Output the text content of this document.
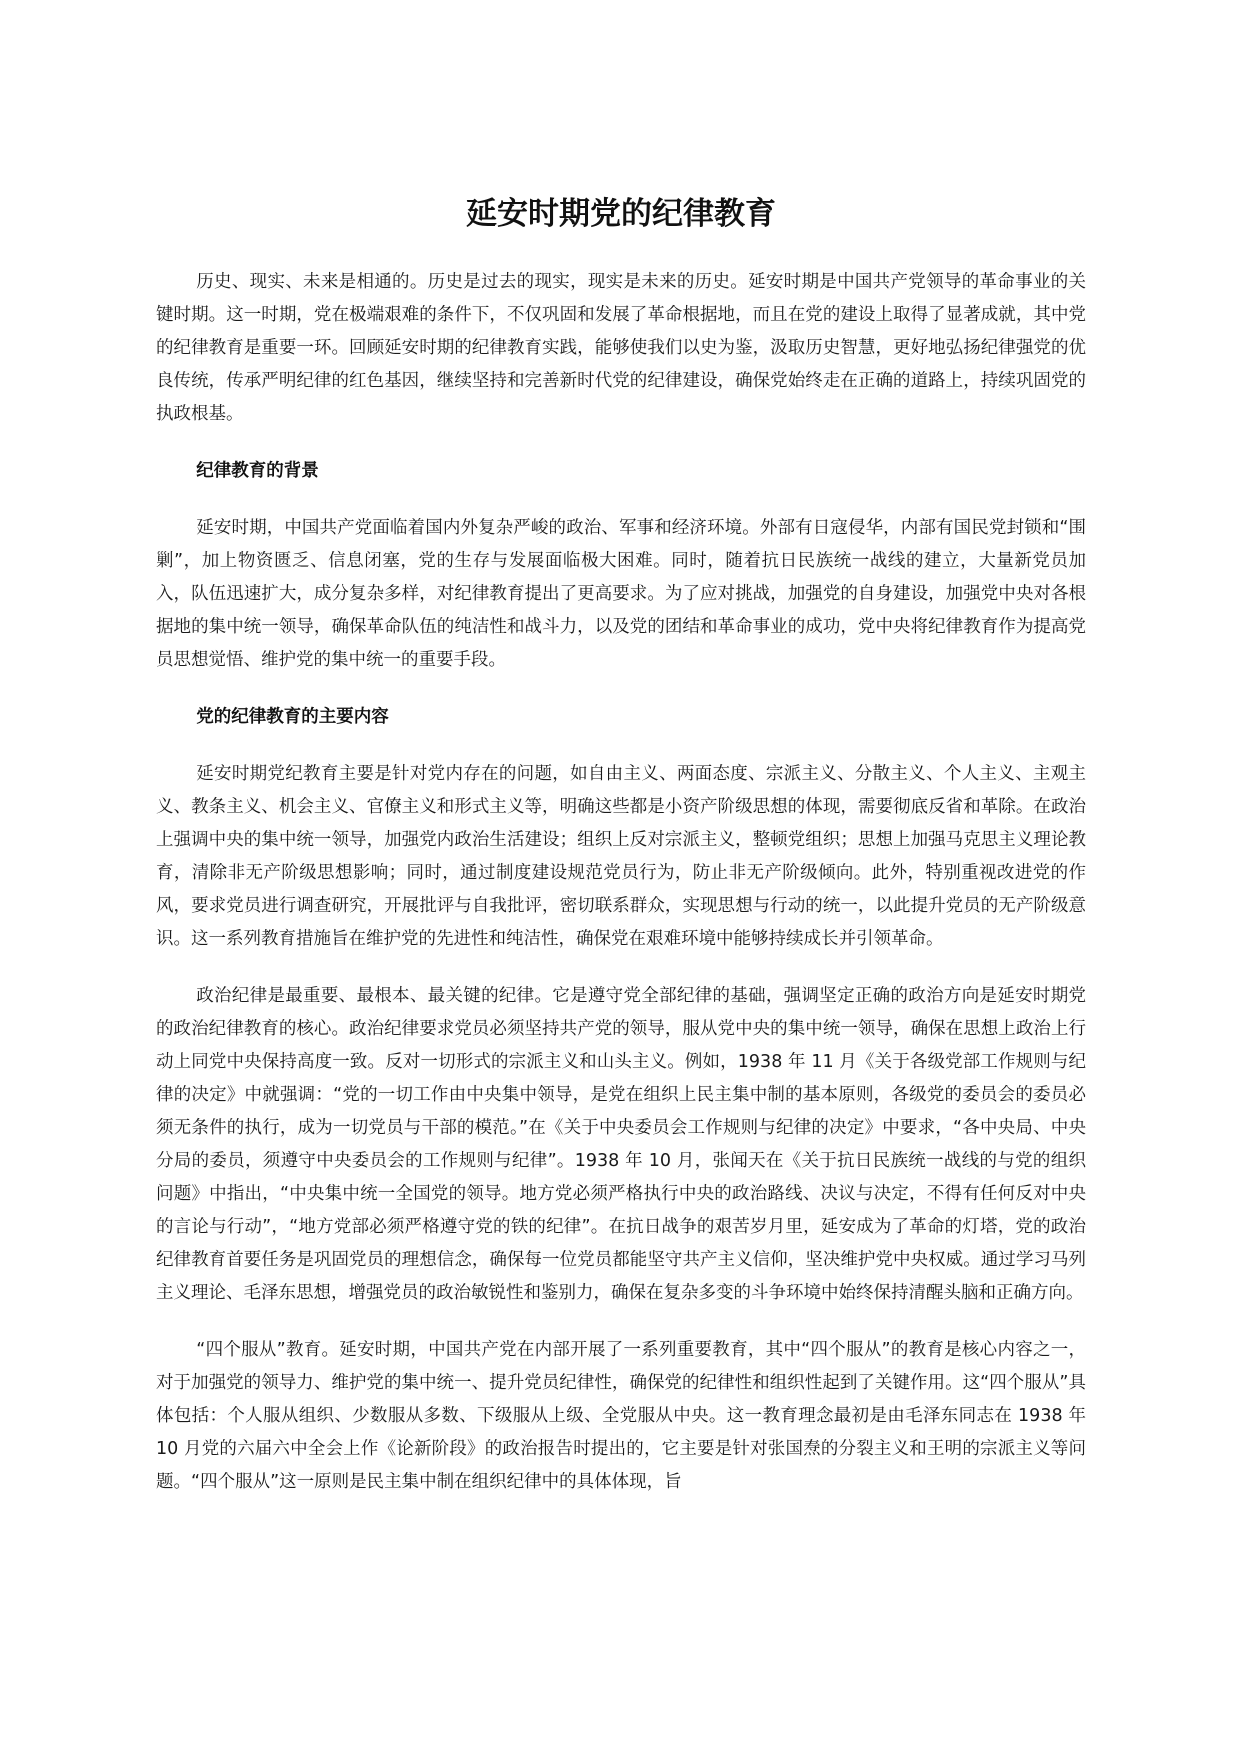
延安时期党的纪律教育

历史、现实、未来是相通的。历史是过去的现实，现实是未来的历史。延安时期是中国共产党领导的革命事业的关键时期。这一时期，党在极端艰难的条件下，不仅巩固和发展了革命根据地，而且在党的建设上取得了显著成就，其中党的纪律教育是重要一环。回顾延安时期的纪律教育实践，能够使我们以史为鉴，汲取历史智慧，更好地弘扬纪律强党的优良传统，传承严明纪律的红色基因，继续坚持和完善新时代党的纪律建设，确保党始终走在正确的道路上，持续巩固党的执政根基。

纪律教育的背景

延安时期，中国共产党面临着国内外复杂严峻的政治、军事和经济环境。外部有日寇侵华，内部有国民党封锁和“围剿”，加上物资匮乏、信息闭塞，党的生存与发展面临极大困难。同时，随着抗日民族统一战线的建立，大量新党员加入，队伍迅速扩大，成分复杂多样，对纪律教育提出了更高要求。为了应对挑战，加强党的自身建设，加强党中央对各根据地的集中统一领导，确保革命队伍的纯洁性和战斗力，以及党的团结和革命事业的成功，党中央将纪律教育作为提高党员思想觉悟、维护党的集中统一的重要手段。

党的纪律教育的主要内容

延安时期党纪教育主要是针对党内存在的问题，如自由主义、两面态度、宗派主义、分散主义、个人主义、主观主义、教条主义、机会主义、官僚主义和形式主义等，明确这些都是小资产阶级思想的体现，需要彻底反省和革除。在政治上强调中央的集中统一领导，加强党内政治生活建设；组织上反对宗派主义，整顿党组织；思想上加强马克思主义理论教育，清除非无产阶级思想影响；同时，通过制度建设规范党员行为，防止非无产阶级倾向。此外，特别重视改进党的作风，要求党员进行调查研究，开展批评与自我批评，密切联系群众，实现思想与行动的统一，以此提升党员的无产阶级意识。这一系列教育措施旨在维护党的先进性和纯洁性，确保党在艰难环境中能够持续成长并引领革命。

政治纪律是最重要、最根本、最关键的纪律。它是遵守党全部纪律的基础，强调坚定正确的政治方向是延安时期党的政治纪律教育的核心。政治纪律要求党员必须坚持共产党的领导，服从党中央的集中统一领导，确保在思想上政治上行动上同党中央保持高度一致。反对一切形式的宗派主义和山头主义。例如，1938 年 11 月《关于各级党部工作规则与纪律的决定》中就强调：“党的一切工作由中央集中领导，是党在组织上民主集中制的基本原则，各级党的委员会的委员必须无条件的执行，成为一切党员与干部的模范。”在《关于中央委员会工作规则与纪律的决定》中要求，“各中央局、中央分局的委员，须遵守中央委员会的工作规则与纪律”。1938 年 10 月，张闻天在《关于抗日民族统一战线的与党的组织问题》中指出，“中央集中统一全国党的领导。地方党必须严格执行中央的政治路线、决议与决定，不得有任何反对中央的言论与行动”，“地方党部必须严格遵守党的铁的纪律”。在抗日战争的艰苦岁月里，延安成为了革命的灯塔，党的政治纪律教育首要任务是巩固党员的理想信念，确保每一位党员都能坚守共产主义信仰，坚决维护党中央权威。通过学习马列主义理论、毛泽东思想，增强党员的政治敏锐性和鉴别力，确保在复杂多变的斗争环境中始终保持清醒头脑和正确方向。

“四个服从”教育。延安时期，中国共产党在内部开展了一系列重要教育，其中“四个服从”的教育是核心内容之一，对于加强党的领导力、维护党的集中统一、提升党员纪律性，确保党的纪律性和组织性起到了关键作用。这“四个服从”具体包括：个人服从组织、少数服从多数、下级服从上级、全党服从中央。这一教育理念最初是由毛泽东同志在 1938 年 10 月党的六届六中全会上作《论新阶段》的政治报告时提出的，它主要是针对张国焘的分裂主义和王明的宗派主义等问题。“四个服从”这一原则是民主集中制在组织纪律中的具体体现，旨
